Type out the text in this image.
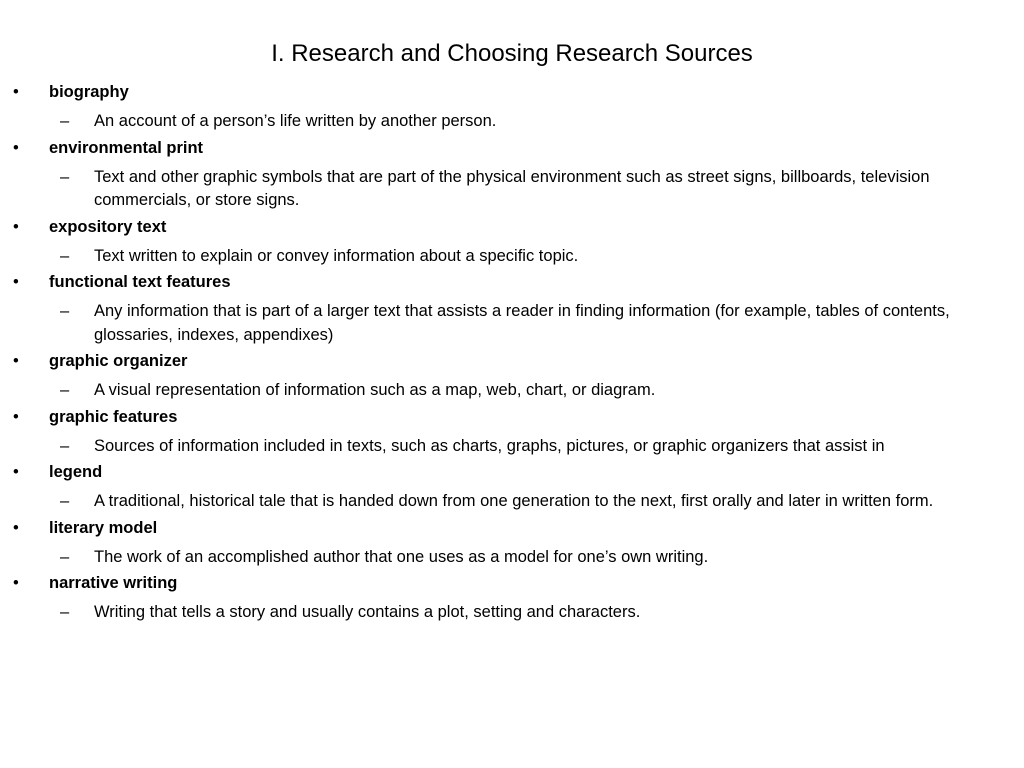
I. Research and Choosing Research Sources
• biography
– An account of a person’s life written by another person.
• environmental print
– Text and other graphic symbols that are part of the physical environment such as street signs, billboards, television commercials, or store signs.
• expository text
– Text written to explain or convey information about a specific topic.
• functional text features
– Any information that is part of a larger text that assists a reader in finding information (for example, tables of contents, glossaries, indexes, appendixes)
• graphic organizer
– A visual representation of information such as a map, web, chart, or diagram.
• graphic features
– Sources of information included in texts, such as charts, graphs, pictures, or graphic organizers that assist in
• legend
– A traditional, historical tale that is handed down from one generation to the next, first orally and later in written form.
• literary model
– The work of an accomplished author that one uses as a model for one’s own writing.
• narrative writing
– Writing that tells a story and usually contains a plot, setting and characters.
